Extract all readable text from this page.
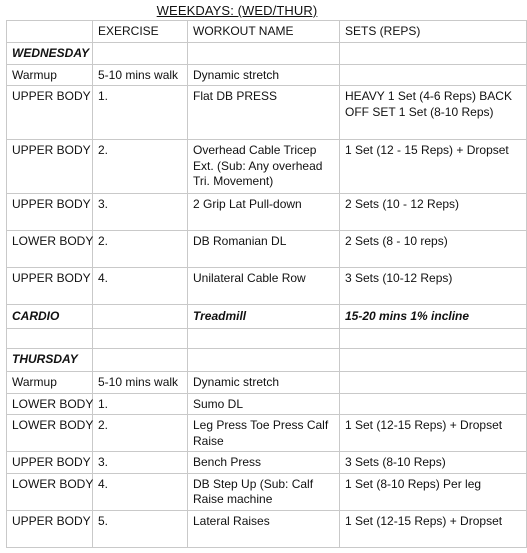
WEEKDAYS: (WED/THUR)
	EXERCISE	WORKOUT NAME	SETS (REPS)
WEDNESDAY			
Warmup	5-10 mins walk	Dynamic stretch	
UPPER BODY	1.	Flat DB PRESS	HEAVY 1 Set (4-6 Reps) BACK OFF SET 1 Set (8-10 Reps)
UPPER BODY	2.	Overhead Cable Tricep Ext. (Sub: Any overhead Tri. Movement)	1 Set (12 - 15 Reps) + Dropset
UPPER BODY	3.	2 Grip Lat Pull-down	2 Sets (10 - 12 Reps)
LOWER BODY	2.	DB Romanian DL	2 Sets (8 - 10 reps)
UPPER BODY	4.	Unilateral Cable Row	3 Sets (10-12 Reps)
CARDIO		Treadmill	15-20 mins 1% incline

THURSDAY			
Warmup	5-10 mins walk	Dynamic stretch	
LOWER BODY	1.	Sumo DL	
LOWER BODY	2.	Leg Press Toe Press Calf Raise	1 Set (12-15 Reps) + Dropset
UPPER BODY	3.	Bench Press	3 Sets (8-10 Reps)
LOWER BODY	4.	DB Step Up (Sub: Calf Raise machine	1 Set (8-10 Reps) Per leg
UPPER BODY	5.	Lateral Raises	1 Set (12-15 Reps) + Dropset
